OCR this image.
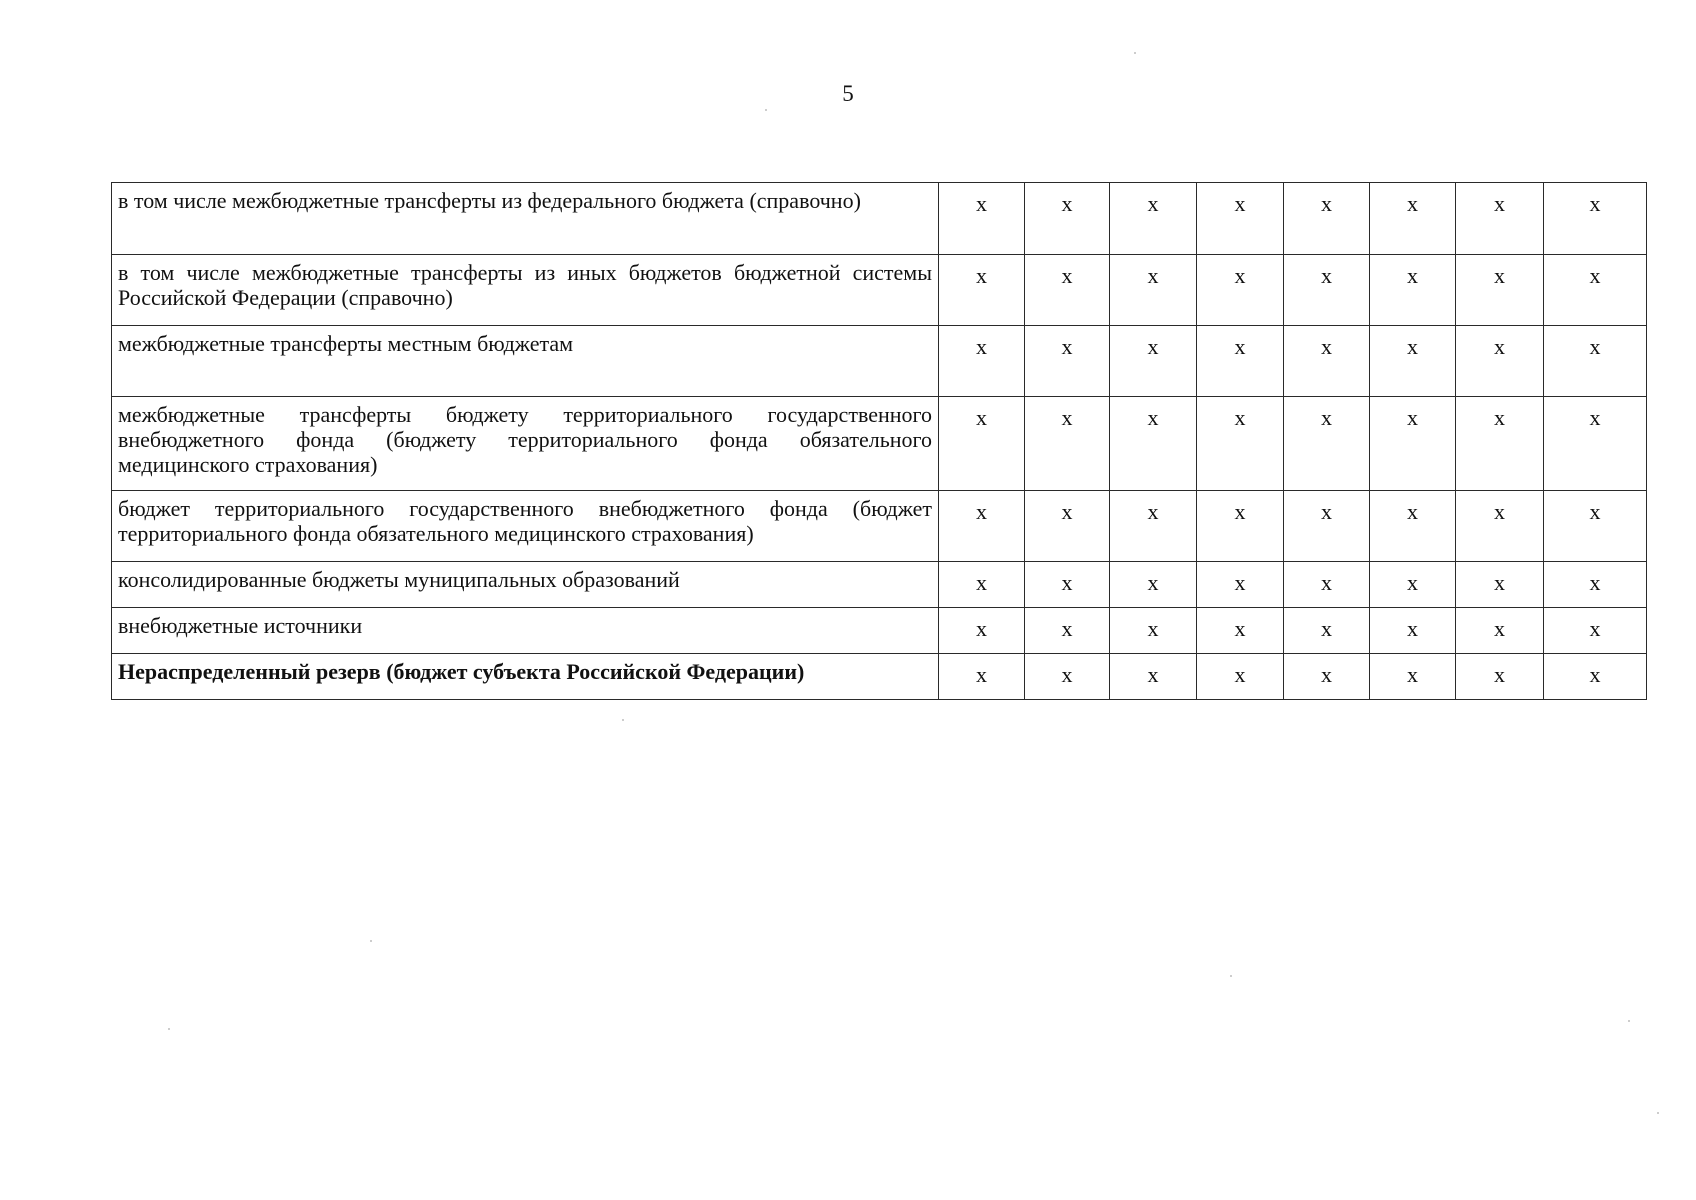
5
в том числе межбюджетные трансферты из федерального бюджета (справочно)	х	х	х	х	х	х	х	х
в том числе межбюджетные трансферты из иных бюджетов бюджетной системы Российской Федерации (справочно)	х	х	х	х	х	х	х	х
межбюджетные трансферты местным бюджетам	х	х	х	х	х	х	х	х
межбюджетные трансферты бюджету территориального государственного внебюджетного фонда (бюджету территориального фонда обязательного медицинского страхования)	х	х	х	х	х	х	х	х
бюджет территориального государственного внебюджетного фонда (бюджет территориального фонда обязательного медицинского страхования)	х	х	х	х	х	х	х	х
консолидированные бюджеты муниципальных образований	х	х	х	х	х	х	х	х
внебюджетные источники	х	х	х	х	х	х	х	х
Нераспределенный резерв (бюджет субъекта Российской Федерации)	х	х	х	х	х	х	х	х
